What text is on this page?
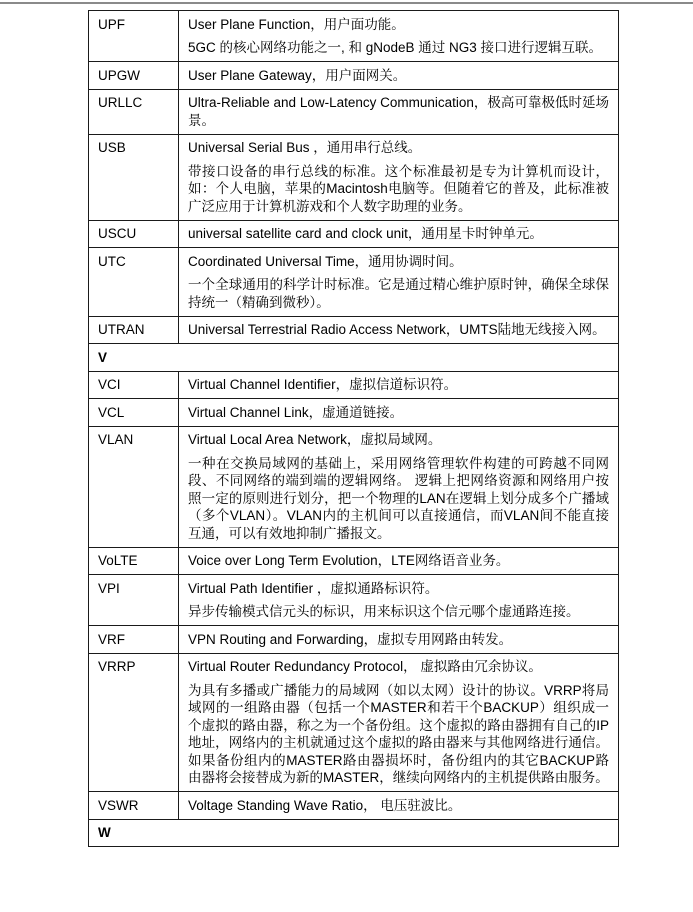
UPF	User Plane Function，用户面功能。

5GC 的核心网络功能之一, 和 gNodeB 通过 NG3 接口进行逻辑互联。

UPGW	User Plane Gateway，用户面网关。

URLLC	Ultra-Reliable and Low-Latency Communication，极高可靠极低时延场景。

USB	Universal Serial Bus ，通用串行总线。

带接口设备的串行总线的标准。这个标准最初是专为计算机而设计，如：个人电脑，苹果的Macintosh电脑等。但随着它的普及，此标准被广泛应用于计算机游戏和个人数字助理的业务。

USCU	universal satellite card and clock unit，通用星卡时钟单元。

UTC	Coordinated Universal Time，通用协调时间。

一个全球通用的科学计时标准。它是通过精心维护原时钟，确保全球保持统一（精确到微秒）。

UTRAN	Universal Terrestrial Radio Access Network，UMTS陆地无线接入网。

V
VCI	Virtual Channel Identifier，虚拟信道标识符。

VCL	Virtual Channel Link，虚通道链接。

VLAN	Virtual Local Area Network，虚拟局域网。

一种在交换局域网的基础上，采用网络管理软件构建的可跨越不同网段、不同网络的端到端的逻辑网络。 逻辑上把网络资源和网络用户按照一定的原则进行划分，把一个物理的LAN在逻辑上划分成多个广播域（多个VLAN）。VLAN内的主机间可以直接通信，而VLAN间不能直接互通，可以有效地抑制广播报文。

VoLTE	Voice over Long Term Evolution，LTE网络语音业务。

VPI	Virtual Path Identifier ，虚拟通路标识符。

异步传输模式信元头的标识，用来标识这个信元哪个虚通路连接。

VRF	VPN Routing and Forwarding，虚拟专用网路由转发。

VRRP	Virtual Router Redundancy Protocol， 虚拟路由冗余协议。

为具有多播或广播能力的局域网（如以太网）设计的协议。VRRP将局域网的一组路由器（包括一个MASTER和若干个BACKUP）组织成一个虚拟的路由器，称之为一个备份组。这个虚拟的路由器拥有自己的IP地址，网络内的主机就通过这个虚拟的路由器来与其他网络进行通信。如果备份组内的MASTER路由器损坏时，备份组内的其它BACKUP路由器将会接替成为新的MASTER，继续向网络内的主机提供路由服务。

VSWR	Voltage Standing Wave Ratio， 电压驻波比。

W
